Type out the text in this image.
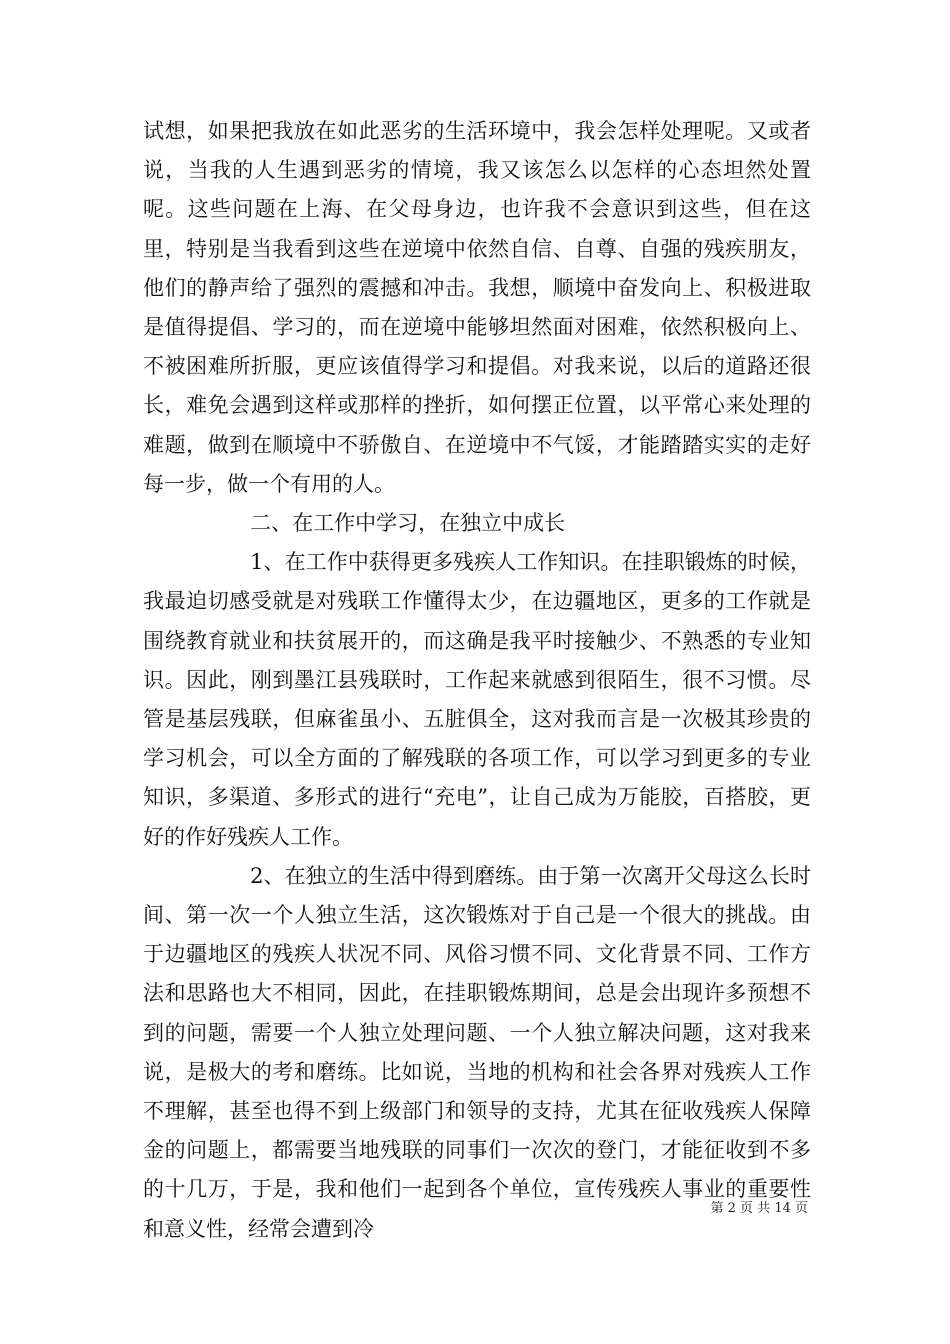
试想，如果把我放在如此恶劣的生活环境中，我会怎样处理呢。又或者说，当我的人生遇到恶劣的情境，我又该怎么以怎样的心态坦然处置呢。这些问题在上海、在父母身边，也许我不会意识到这些，但在这里，特别是当我看到这些在逆境中依然自信、自尊、自强的残疾朋友，他们的静声给了强烈的震撼和冲击。我想，顺境中奋发向上、积极进取是值得提倡、学习的，而在逆境中能够坦然面对困难，依然积极向上、不被困难所折服，更应该值得学习和提倡。对我来说，以后的道路还很长，难免会遇到这样或那样的挫折，如何摆正位置，以平常心来处理的难题，做到在顺境中不骄傲自、在逆境中不气馁，才能踏踏实实的走好每一步，做一个有用的人。

二、在工作中学习，在独立中成长

1、在工作中获得更多残疾人工作知识。在挂职锻炼的时候，我最迫切感受就是对残联工作懂得太少，在边疆地区，更多的工作就是围绕教育就业和扶贫展开的，而这确是我平时接触少、不熟悉的专业知识。因此，刚到墨江县残联时，工作起来就感到很陌生，很不习惯。尽管是基层残联，但麻雀虽小、五脏俱全，这对我而言是一次极其珍贵的学习机会，可以全方面的了解残联的各项工作，可以学习到更多的专业知识，多渠道、多形式的进行“充电”，让自己成为万能胶，百搭胶，更好的作好残疾人工作。

2、在独立的生活中得到磨练。由于第一次离开父母这么长时间、第一次一个人独立生活，这次锻炼对于自己是一个很大的挑战。由于边疆地区的残疾人状况不同、风俗习惯不同、文化背景不同、工作方法和思路也大不相同，因此，在挂职锻炼期间，总是会出现许多预想不到的问题，需要一个人独立处理问题、一个人独立解决问题，这对我来说，是极大的考和磨练。比如说，当地的机构和社会各界对残疾人工作不理解，甚至也得不到上级部门和领导的支持，尤其在征收残疾人保障金的问题上，都需要当地残联的同事们一次次的登门，才能征收到不多的十几万，于是，我和他们一起到各个单位，宣传残疾人事业的重要性和意义性，经常会遭到冷

第 2 页 共 14 页
